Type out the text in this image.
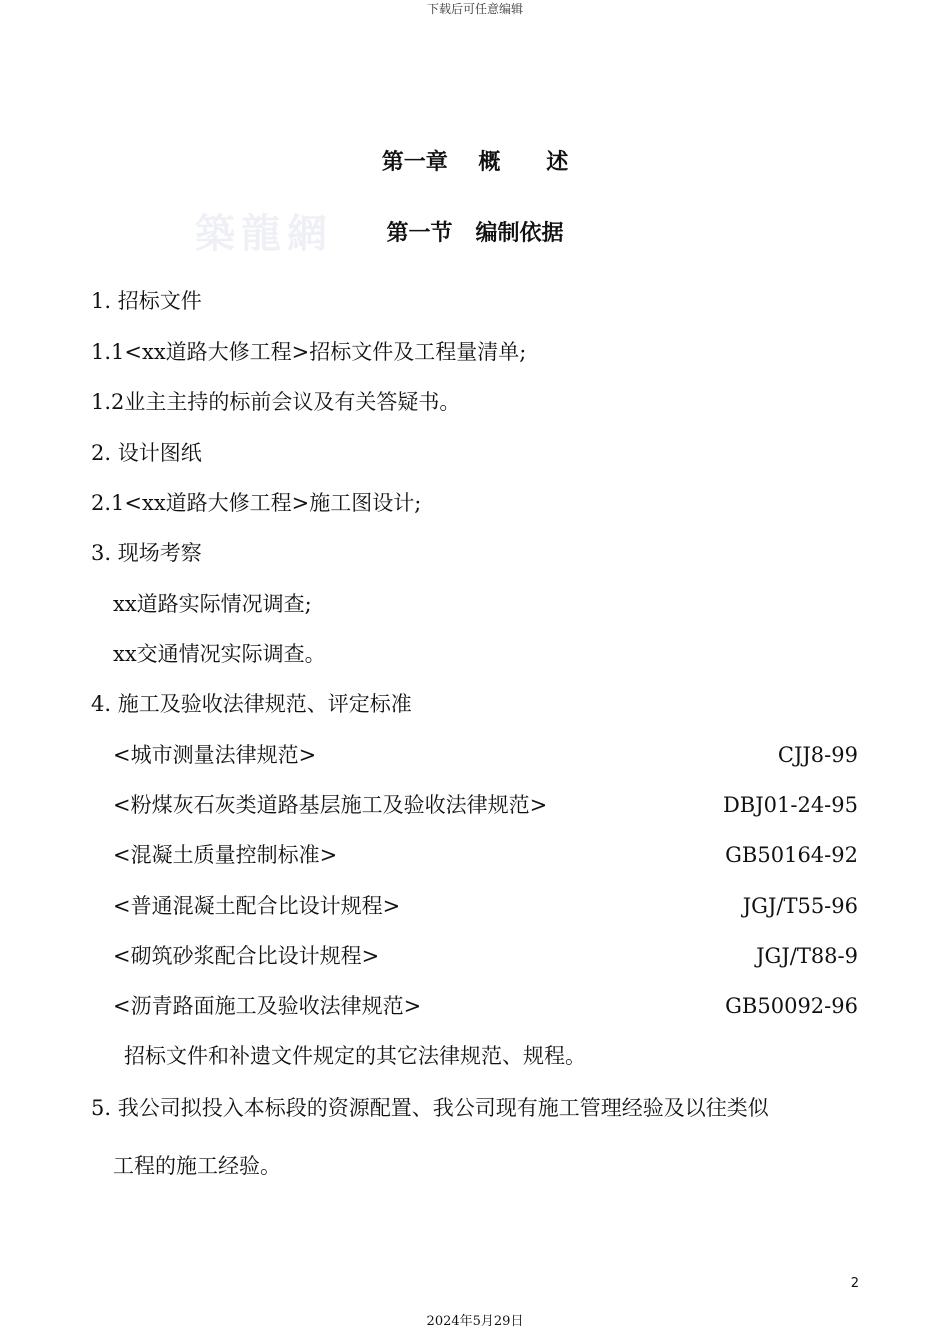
下载后可任意编辑
築龍網
第一章    概      述
第一节   编制依据
1. 招标文件
1.1<xx道路大修工程>招标文件及工程量清单;
1.2业主主持的标前会议及有关答疑书。
2. 设计图纸
2.1<xx道路大修工程>施工图设计;
3. 现场考察
xx道路实际情况调查;
xx交通情况实际调查。
4. 施工及验收法律规范、评定标准
<城市测量法律规范>	CJJ8-99
<粉煤灰石灰类道路基层施工及验收法律规范>	DBJ01-24-95
<混凝土质量控制标准>	GB50164-92
<普通混凝土配合比设计规程>	JGJ/T55-96
<砌筑砂浆配合比设计规程>	JGJ/T88-9
<沥青路面施工及验收法律规范>	GB50092-96
招标文件和补遗文件规定的其它法律规范、规程。
5. 我公司拟投入本标段的资源配置、我公司现有施工管理经验及以往类似
工程的施工经验。
2
2024年5月29日
